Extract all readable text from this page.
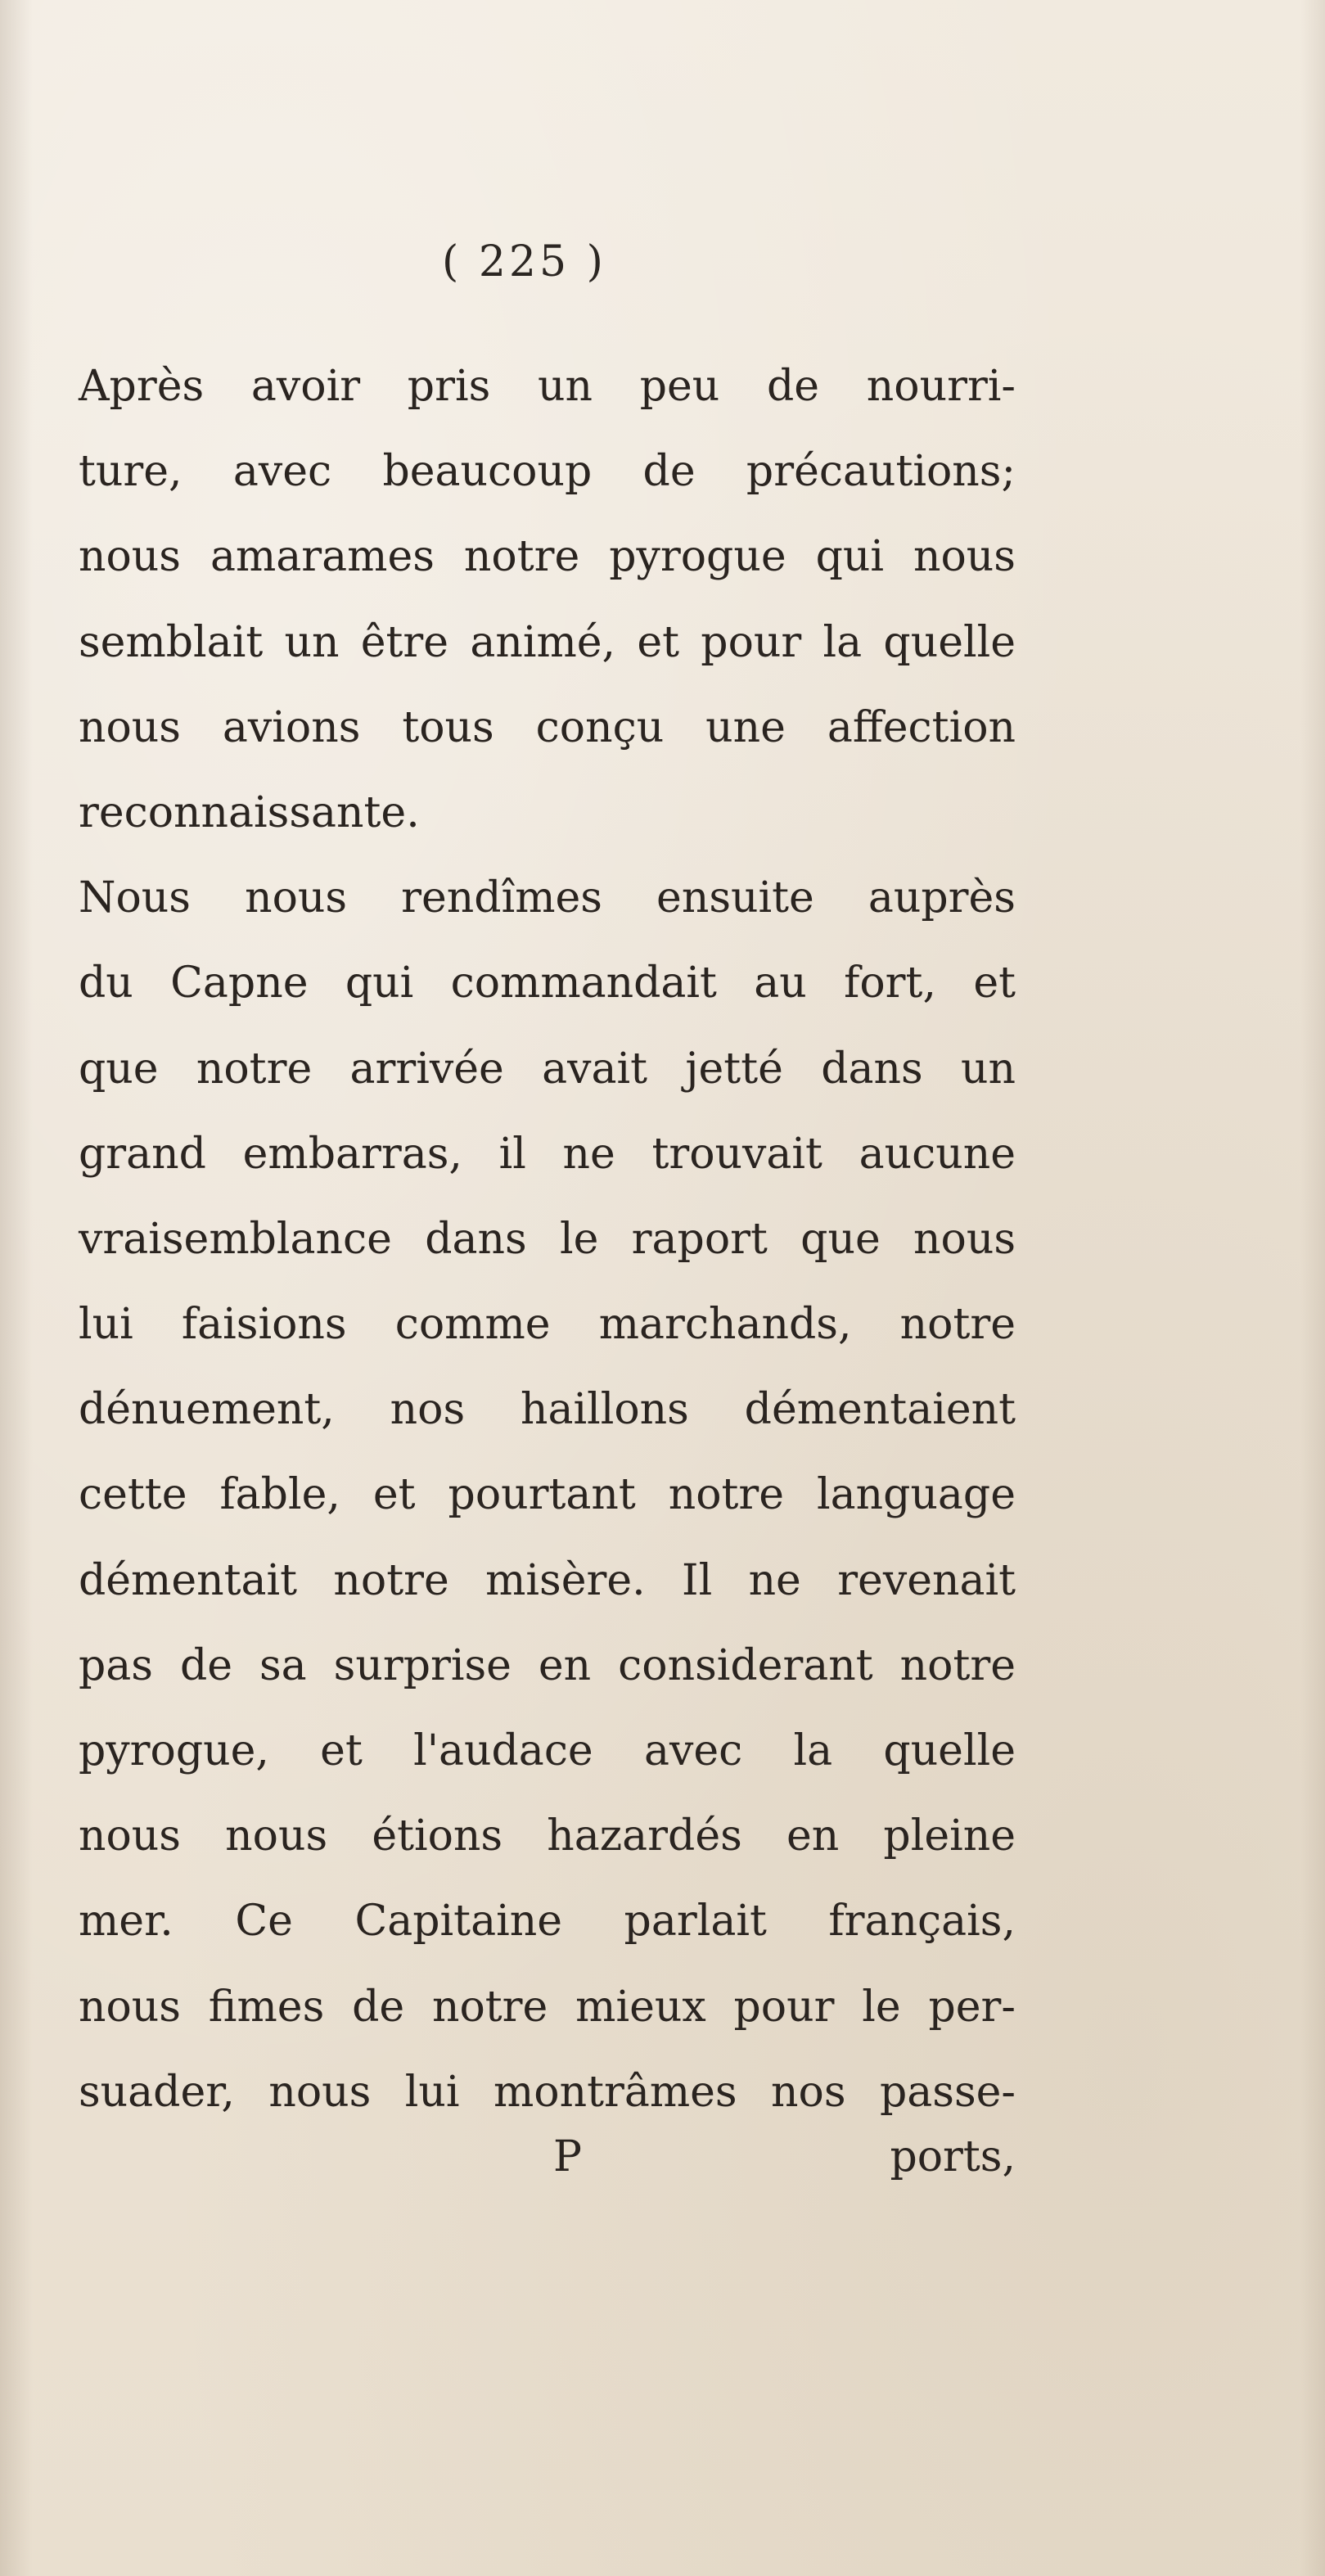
( 225 )
Après avoir pris un peu de nourri-
ture, avec beaucoup de précautions;
nous amarames notre pyrogue qui nous
semblait un être animé, et pour la quelle
nous avions tous conçu une affection
reconnaissante.
Nous nous rendîmes ensuite auprès
du Capne qui commandait au fort, et
que notre arrivée avait jetté dans un
grand embarras, il ne trouvait aucune
vraisemblance dans le raport que nous
lui faisions comme marchands, notre
dénuement, nos haillons démentaient
cette fable, et pourtant notre language
démentait notre misère. Il ne revenait
pas de sa surprise en considerant notre
pyrogue, et l'audace avec la quelle
nous nous étions hazardés en pleine
mer. Ce Capitaine parlait français,
nous fimes de notre mieux pour le per-
suader, nous lui montrâmes nos passe-
P	ports,
